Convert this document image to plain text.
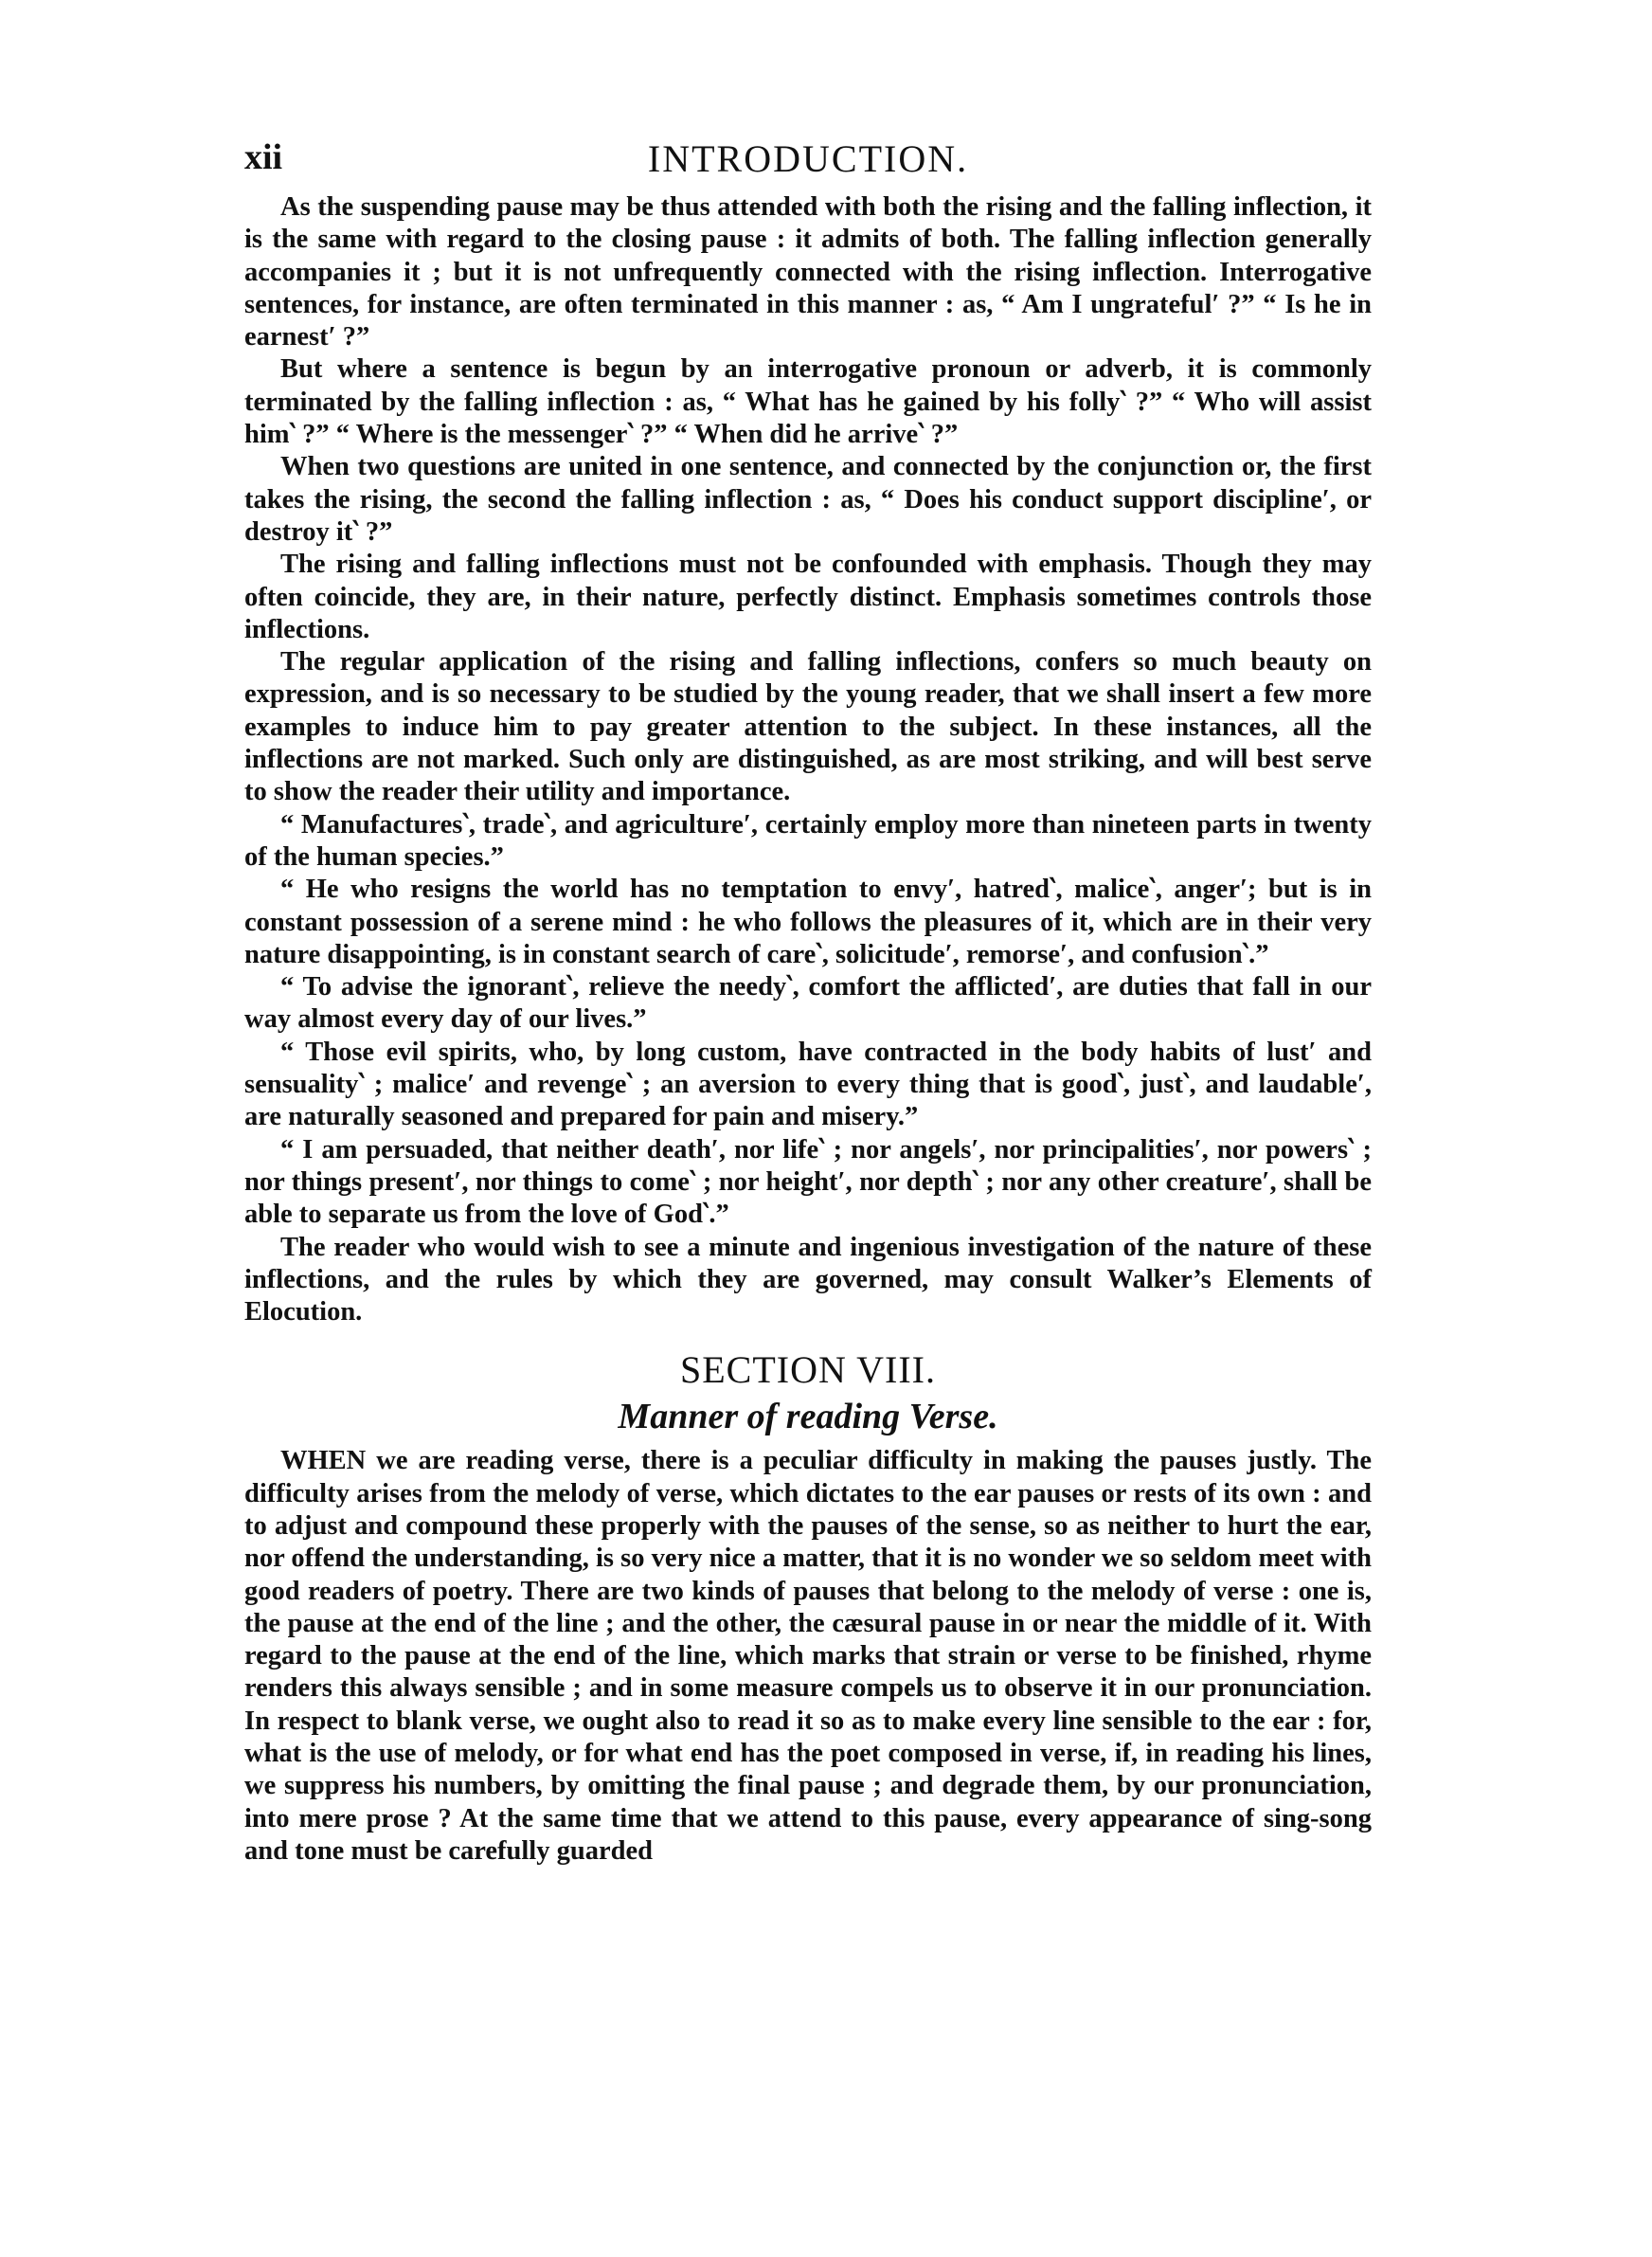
xii	INTRODUCTION.

As the suspending pause may be thus attended with both the rising and the falling inflection, it is the same with regard to the closing pause : it admits of both. The falling inflection generally accompanies it ; but it is not unfrequently connected with the rising inflection. Interrogative sentences, for instance, are often terminated in this manner : as, “ Am I ungrateful′ ?” “ Is he in earnest′ ?”

But where a sentence is begun by an interrogative pronoun or adverb, it is commonly terminated by the falling inflection : as, “ What has he gained by his folly‵ ?” “ Who will assist him‵ ?” “ Where is the messenger‵ ?” “ When did he arrive‵ ?”

When two questions are united in one sentence, and connected by the conjunction or, the first takes the rising, the second the falling inflection : as, “ Does his conduct support discipline′, or destroy it‵ ?”

The rising and falling inflections must not be confounded with emphasis. Though they may often coincide, they are, in their nature, perfectly distinct. Emphasis sometimes controls those inflections.

The regular application of the rising and falling inflections, confers so much beauty on expression, and is so necessary to be studied by the young reader, that we shall insert a few more examples to induce him to pay greater attention to the subject. In these instances, all the inflections are not marked. Such only are distinguished, as are most striking, and will best serve to show the reader their utility and importance.

“ Manufactures‵, trade‵, and agriculture′, certainly employ more than nineteen parts in twenty of the human species.”

“ He who resigns the world has no temptation to envy′, hatred‵, malice‵, anger′; but is in constant possession of a serene mind : he who follows the pleasures of it, which are in their very nature disappointing, is in constant search of care‵, solicitude′, remorse′, and confusion‵.”

“ To advise the ignorant‵, relieve the needy‵, comfort the afflicted′, are duties that fall in our way almost every day of our lives.”

“ Those evil spirits, who, by long custom, have contracted in the body habits of lust′ and sensuality‵ ; malice′ and revenge‵ ; an aversion to every thing that is good‵, just‵, and laudable′, are naturally seasoned and prepared for pain and misery.”

“ I am persuaded, that neither death′, nor life‵ ; nor angels′, nor principalities′, nor powers‵ ; nor things present′, nor things to come‵ ; nor height′, nor depth‵ ; nor any other creature′, shall be able to separate us from the love of God‵.”

The reader who would wish to see a minute and ingenious investigation of the nature of these inflections, and the rules by which they are governed, may consult Walker’s Elements of Elocution.

SECTION VIII.
Manner of reading Verse.

WHEN we are reading verse, there is a peculiar difficulty in making the pauses justly. The difficulty arises from the melody of verse, which dictates to the ear pauses or rests of its own : and to adjust and compound these properly with the pauses of the sense, so as neither to hurt the ear, nor offend the understanding, is so very nice a matter, that it is no wonder we so seldom meet with good readers of poetry. There are two kinds of pauses that belong to the melody of verse : one is, the pause at the end of the line ; and the other, the cæsural pause in or near the middle of it. With regard to the pause at the end of the line, which marks that strain or verse to be finished, rhyme renders this always sensible ; and in some measure compels us to observe it in our pronunciation. In respect to blank verse, we ought also to read it so as to make every line sensible to the ear : for, what is the use of melody, or for what end has the poet composed in verse, if, in reading his lines, we suppress his numbers, by omitting the final pause ; and degrade them, by our pronunciation, into mere prose ? At the same time that we attend to this pause, every appearance of sing-song and tone must be carefully guarded
